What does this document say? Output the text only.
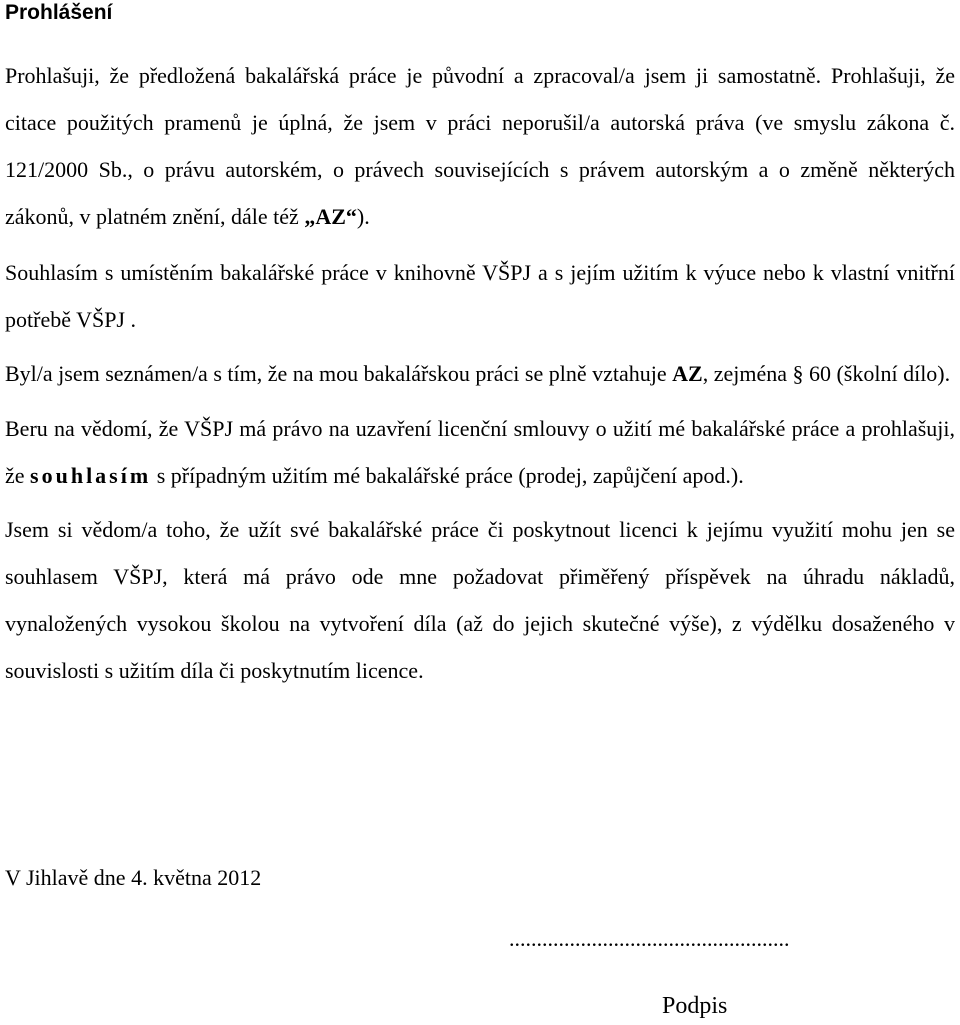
Prohlášení

Prohlašuji, že předložená bakalářská práce je původní a zpracoval/a jsem ji samostatně. Prohlašuji, že citace použitých pramenů je úplná, že jsem v práci neporušil/a autorská práva (ve smyslu zákona č. 121/2000 Sb., o právu autorském, o právech souvisejících s právem autorským a o změně některých zákonů, v platném znění, dále též „AZ“).

Souhlasím s umístěním bakalářské práce v knihovně VŠPJ a s jejím užitím k výuce nebo k vlastní vnitřní potřebě VŠPJ .

Byl/a jsem seznámen/a s tím, že na mou bakalářskou práci se plně vztahuje AZ, zejména § 60 (školní dílo).

Beru na vědomí, že VŠPJ má právo na uzavření licenční smlouvy o užití mé bakalářské práce a prohlašuji, že souhlasím s případným užitím mé bakalářské práce (prodej, zapůjčení apod.).

Jsem si vědom/a toho, že užít své bakalářské práce či poskytnout licenci k jejímu využití mohu jen se souhlasem VŠPJ, která má právo ode mne požadovat přiměřený příspěvek na úhradu nákladů, vynaložených vysokou školou na vytvoření díla (až do jejich skutečné výše), z výdělku dosaženého v souvislosti s užitím díla či poskytnutím licence.

V Jihlavě dne 4. května 2012

...................................................
Podpis
